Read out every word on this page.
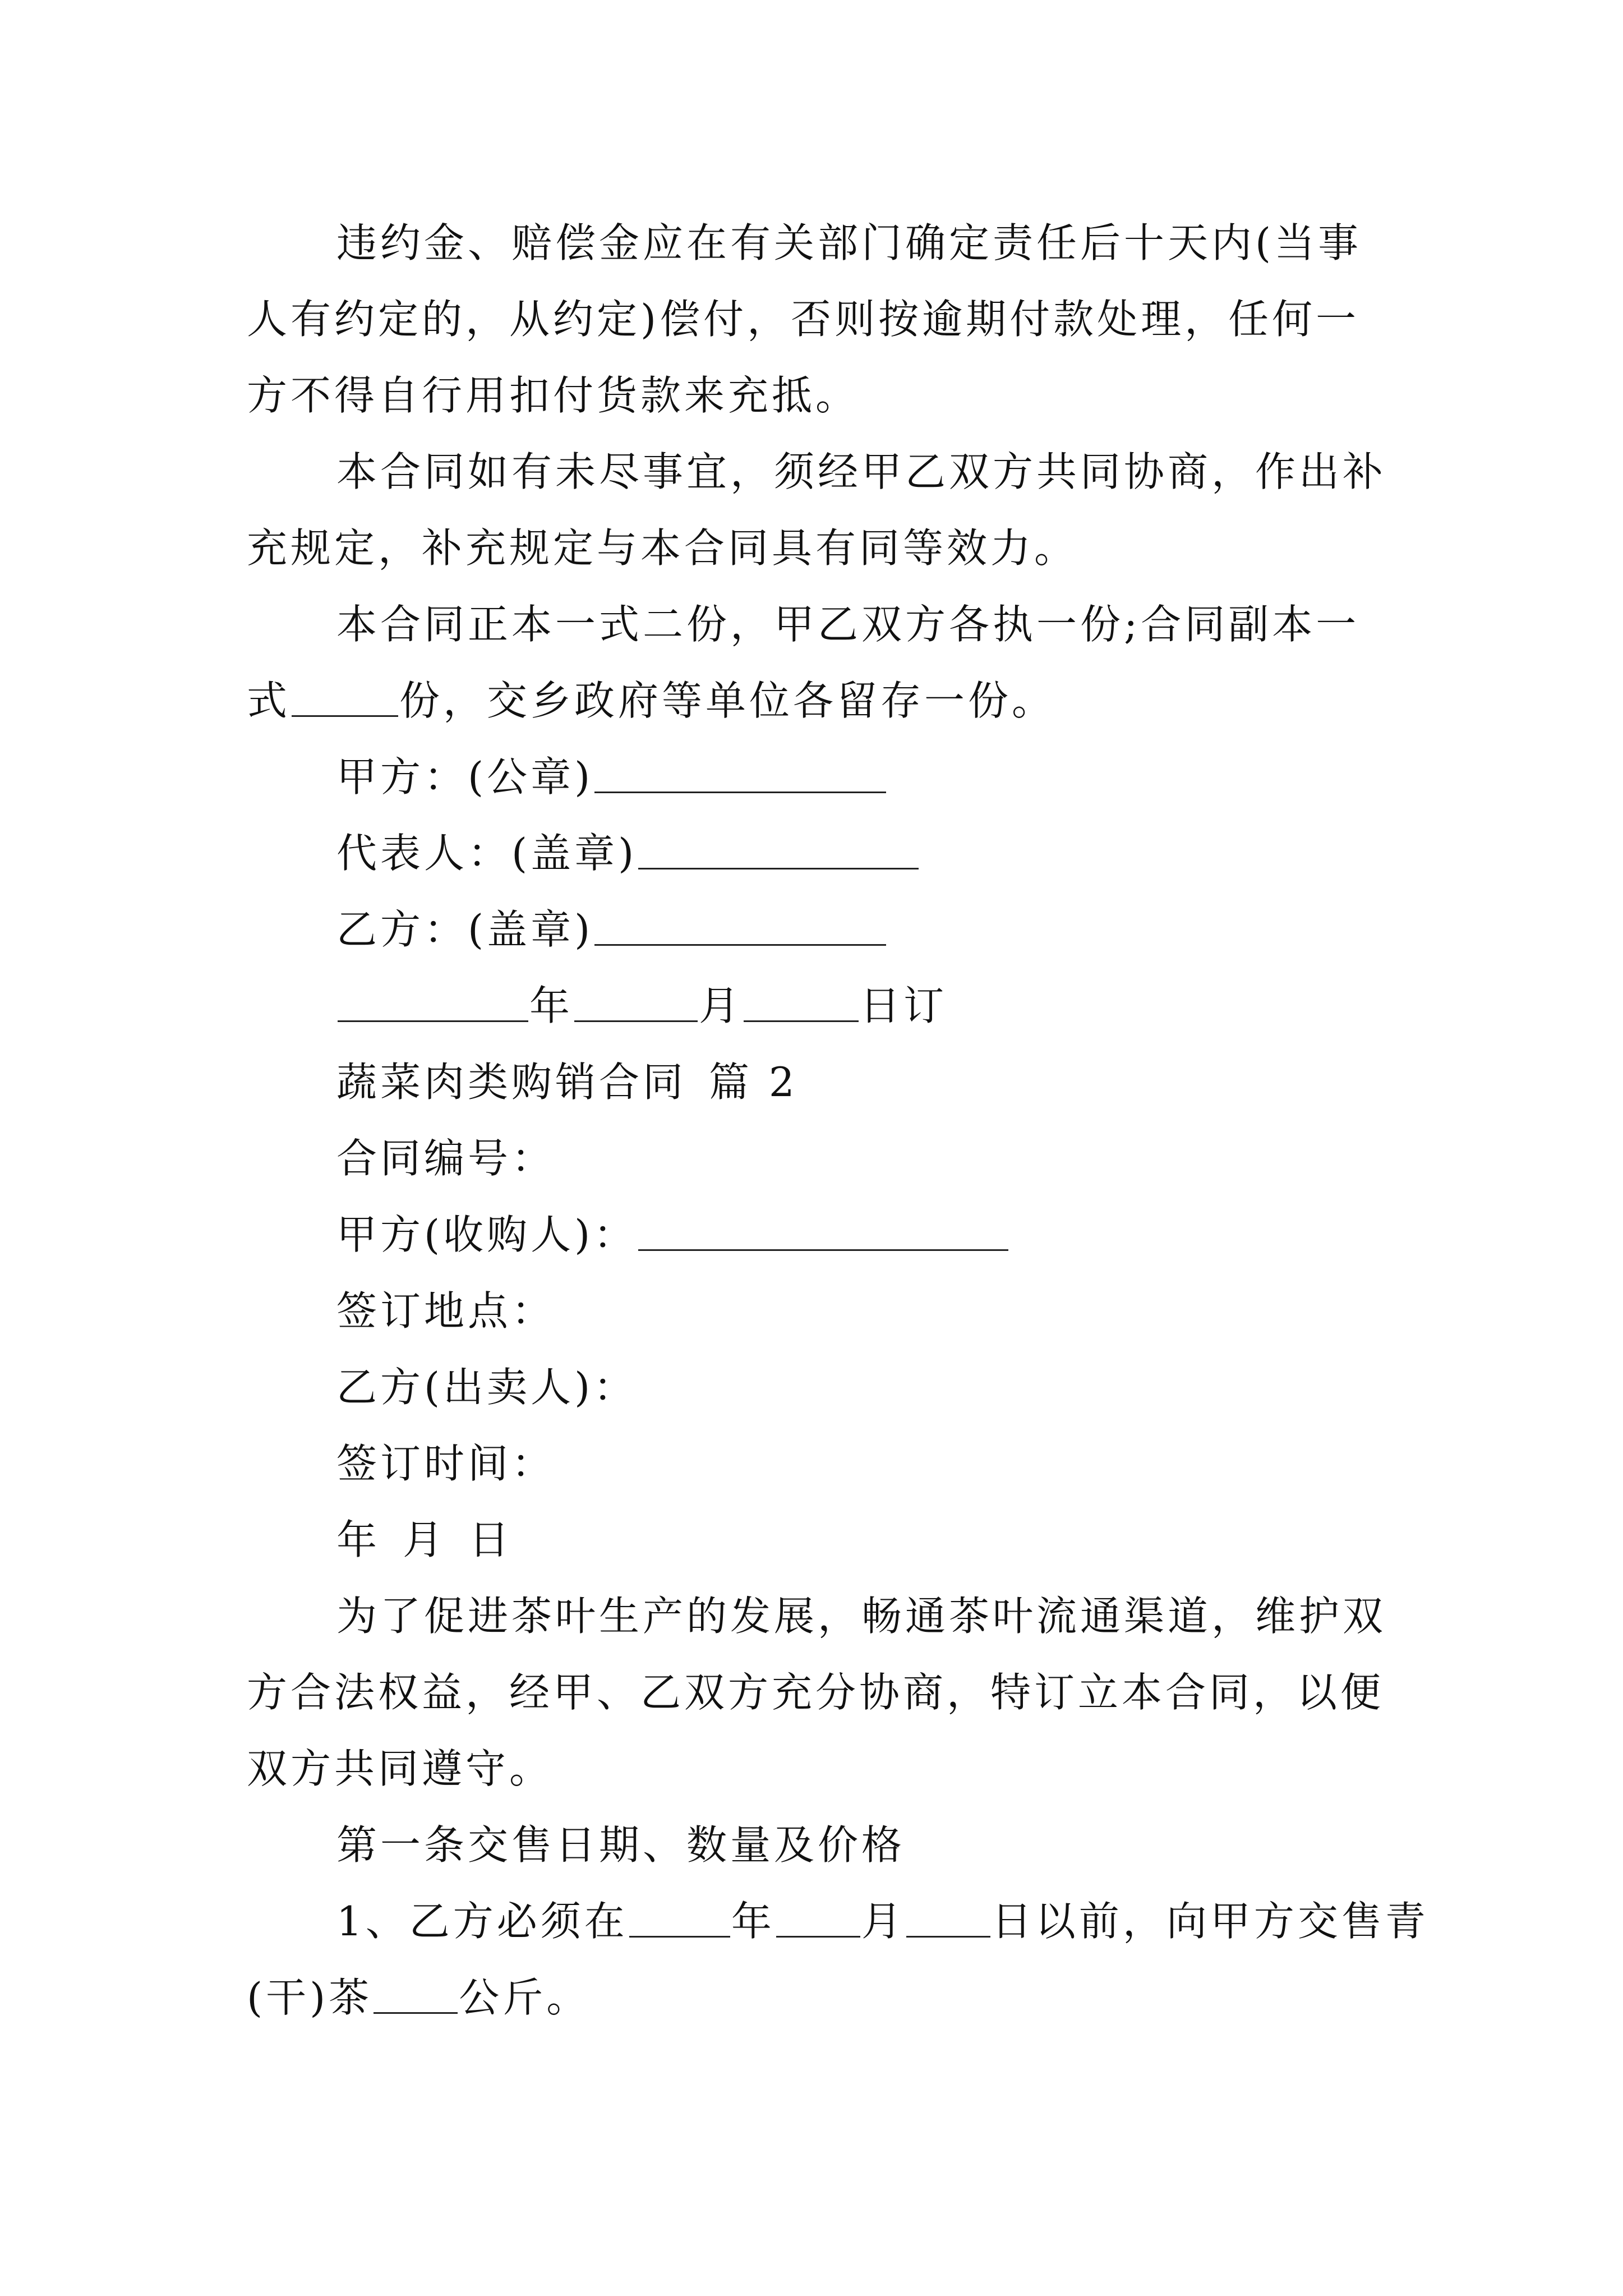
违约金、赔偿金应在有关部门确定责任后十天内(当事
人有约定的，从约定)偿付，否则按逾期付款处理，任何一
方不得自行用扣付货款来充抵。
本合同如有未尽事宜，须经甲乙双方共同协商，作出补
充规定，补充规定与本合同具有同等效力。
本合同正本一式二份，甲乙双方各执一份;合同副本一
式	份，交乡政府等单位各留存一份。
甲方：(公章)
代表人：(盖章)
乙方：(盖章)
年	月	日订
蔬菜肉类购销合同 篇 2
合同编号：
甲方(收购人)：
签订地点：
乙方(出卖人)：
签订时间：
年 月 日
为了促进茶叶生产的发展，畅通茶叶流通渠道，维护双
方合法权益，经甲、乙双方充分协商，特订立本合同，以便
双方共同遵守。
第一条交售日期、数量及价格
1、乙方必须在	年 月 日以前，向甲方交售青
(干)茶 公斤。
